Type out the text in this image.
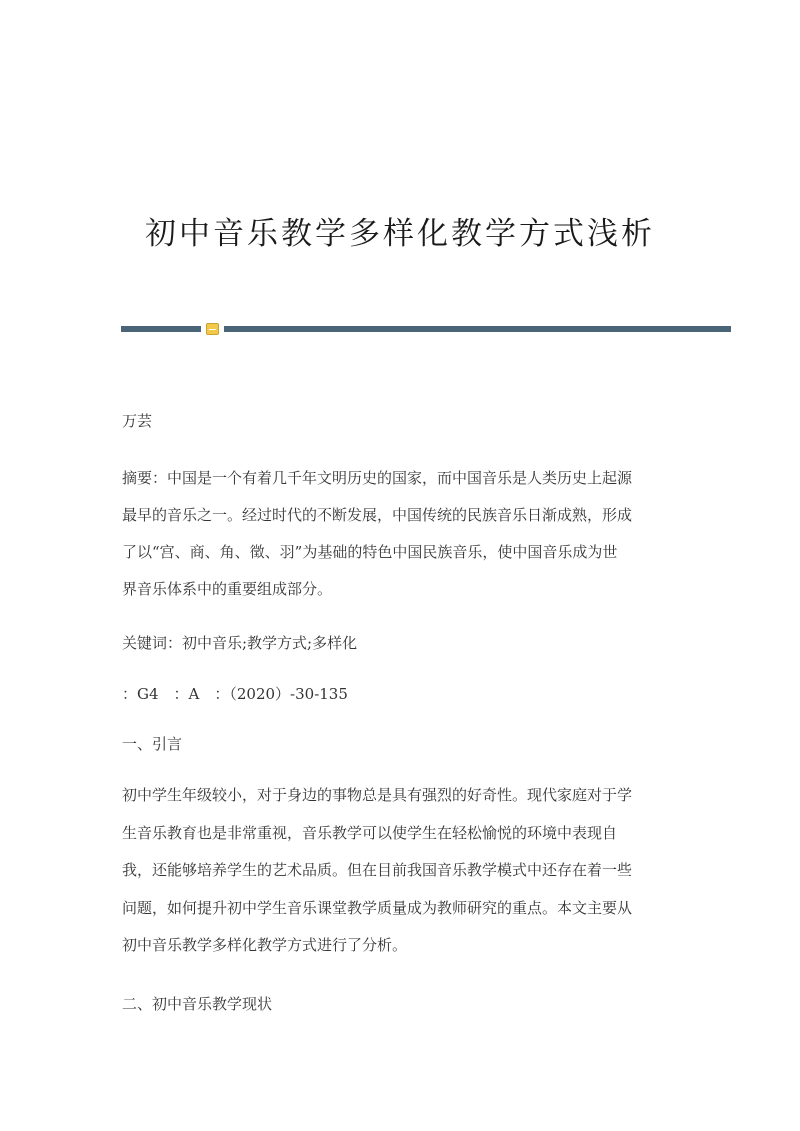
初中音乐教学多样化教学方式浅析
万芸
摘要：中国是一个有着几千年文明历史的国家，而中国音乐是人类历史上起源
最早的音乐之一。经过时代的不断发展，中国传统的民族音乐日渐成熟，形成
了以“宫、商、角、徵、羽”为基础的特色中国民族音乐，使中国音乐成为世
界音乐体系中的重要组成部分。
关键词：初中音乐;教学方式;多样化
：G4　：A　：（2020）-30-135
一、引言
初中学生年级较小，对于身边的事物总是具有强烈的好奇性。现代家庭对于学
生音乐教育也是非常重视，音乐教学可以使学生在轻松愉悦的环境中表现自
我，还能够培养学生的艺术品质。但在目前我国音乐教学模式中还存在着一些
问题，如何提升初中学生音乐课堂教学质量成为教师研究的重点。本文主要从
初中音乐教学多样化教学方式进行了分析。
二、初中音乐教学现状
